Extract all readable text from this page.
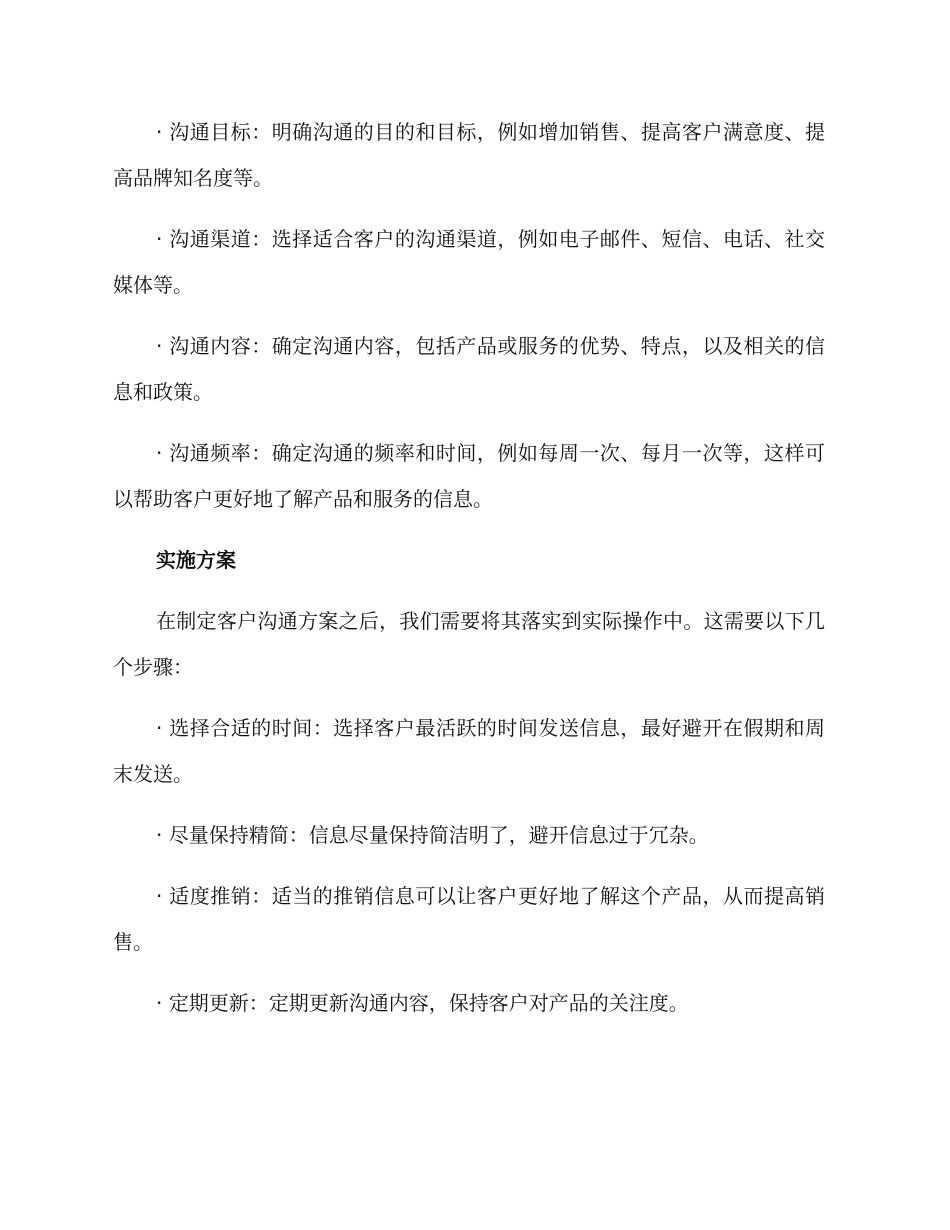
· 沟通目标：明确沟通的目的和目标，例如增加销售、提高客户满意度、提高品牌知名度等。

· 沟通渠道：选择适合客户的沟通渠道，例如电子邮件、短信、电话、社交媒体等。

· 沟通内容：确定沟通内容，包括产品或服务的优势、特点，以及相关的信息和政策。

· 沟通频率：确定沟通的频率和时间，例如每周一次、每月一次等，这样可以帮助客户更好地了解产品和服务的信息。

实施方案

在制定客户沟通方案之后，我们需要将其落实到实际操作中。这需要以下几个步骤：

· 选择合适的时间：选择客户最活跃的时间发送信息，最好避开在假期和周末发送。

· 尽量保持精简：信息尽量保持简洁明了，避开信息过于冗杂。

· 适度推销：适当的推销信息可以让客户更好地了解这个产品，从而提高销售。

· 定期更新：定期更新沟通内容，保持客户对产品的关注度。
